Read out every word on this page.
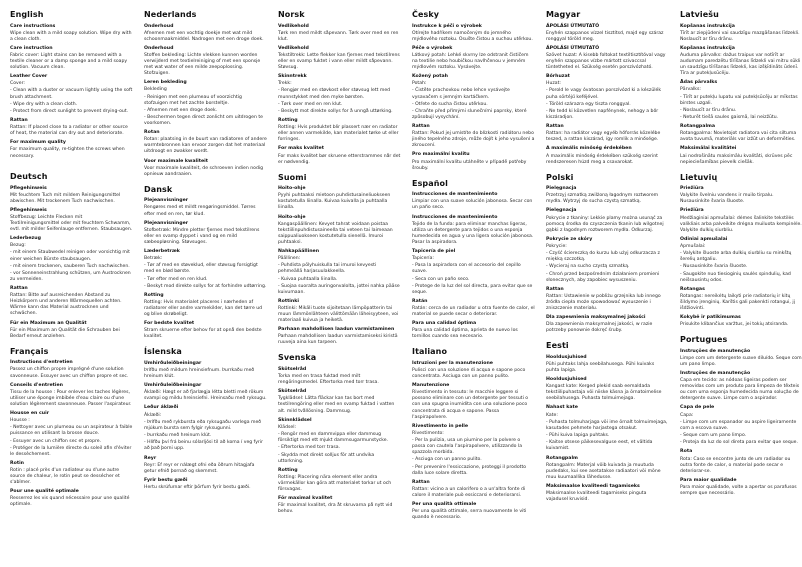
English
Care instructions

Wipe clean with a mild soapy solution. Wipe dry with a clean cloth.

Care instruction

Fabric cover: Light stains can be removed with a textile cleaner or a damp sponge and a mild soapy solution. Vacuum clean.

Leather Cover

Cover:

- Clean with a duster or vacuum lightly using the soft brush attachment.

- Wipe dry with a clean cloth.

- Protect from direct sunlight to prevent drying-out.

Rattan

Rattan: If placed close to a radiator or other source of heat, the material can dry out and deteriorate.

For maximum quality

For maximum quality, re-tighten the screws when necessary.

Deutsch
Pflegehinweis

Mit feuchtem Tuch mit mildem Reinigungsmittel abwischen. Mit trockenem Tuch nachwischen.

Pflegehinweis

Stoffbezug: Leichte Flecken mit Textilreinigungsmittel oder mit feuchtem Schwamm, evtl. mit milder Seifenlauge entfernen. Staubsaugen.

Lederbezug

Bezug:

- mit einem Staubwedel reinigen oder vorsichtig mit einer weichen Bürste staubsaugen.

- mit einem trockenen, sauberen Tuch nachwischen.

- vor Sonneneinstrahlung schützen, um Austrocknen zu vermeiden.

Rattan

Rattan: Bitte auf ausreichenden Abstand zu Heizkörpern und anderen Wärmequellen achten. Wärme kann das Material austrocknen und schwächen.

Für ein Maximum an Qualität

Für ein Maximum an Qualität die Schrauben bei Bedarf erneut anziehen.

Français
Instructions d'entretien

Passez un chiffon propre imprégné d'une solution savonneuse. Essuyer avec un chiffon propre et sec.

Conseils d'entretien

Tissu de la housse : Pour enlever les taches légères, utiliser une éponge imbibée d'eau claire ou d'une solution légèrement savonneuse. Passer l'aspirateur.

Housse en cuir

Housse :

- Nettoyer avec un plumeau ou un aspirateur à faible puissance en utilisant la brosse douce.

- Essuyer avec un chiffon sec et propre.

- Protéger de la lumière directe du soleil afin d'éviter le dessèchement.

Rotin

Rotin : placé près d'un radiateur ou d'une autre source de chaleur, le rotin peut se dessécher et s'abîmer.

Pour une qualité optimale

Resserrez les vis quand nécessaire pour une qualité optimale.

Nederlands
Onderhoud

Afnemen met een vochtig doekje met wat mild schoonmaakmiddel. Nadrogen met een droge doek.

Onderhoud

Stoffen bekleding: Lichte vlekken kunnen worden verwijderd met textielreiniging of met een sponsje met wat water of een milde zeepoplossing. Stofzuigen.

Leren bekleding

Bekleding

- Reinigen met een plumeau of voorzichtig stofzuigen met het zachte borsteltje.

- Afnemen met een droge doek.

- Beschermen tegen direct zonlicht om uitdrogen te voorkomen.

Rotan

Rotan: plaatsing in de buurt van radiatoren of andere warmtebronnen kan ervoor zorgen dat het materiaal uitdroogt en zwakker wordt.

Voor maximale kwaliteit

Voor maximale kwaliteit, de schroeven indien nodig opnieuw aandraaien.

Dansk
Plejeanvisninger

Rengøres med et mildt rengøringsmiddel. Tørres efter med en ren, tør klud.

Plejeanvisninger

Stofbetræk: Mindre pletter fjernes med tekstilrens eller en svamp dyppet i vand og en mild sæbeopløsning. Støvsuges.

Læderbetræk

Betræk:

- Tør af med en støveklud, eller støvsug forsigtigt med en blød børste.

- Tør efter med en ren klud.

- Beskyt mod direkte sollys for at forhindre udtørring.

Rotting

Rotting: Hvis materialet placeres i nærheden af radiatorer eller andre varmekilder, kan det tørre ud og blive skrøbeligt.

For bedste kvalitet

Stram skruerne efter behov for at opnå den bedste kvalitet.

Íslenska
Umhirðuleiðbeiningar

Þrífðu með mildum hreinsiefnum. Þurrkaðu með hreinum klút.

Umhirðuleiðbeiningar

Áklæði: Hægt er að fjarlægja létta bletti með rökum svampi og mildu hreinsiefni. Hreinsaðu með ryksugu.

Leður áklæði

Áklæði:

- Þrífðu með rykbursta eða ryksugaðu varlega með mjúkum bursta sem fylgir ryksugunni.

- Þurrkaðu með hreinum klút.

- Hlífðu því frá beinu sólarljósi til að koma í veg fyrir að það þorni upp.

Reyr

Reyr: Ef reyr er nálægt ofni eða öðrum hitagjafa getur efnið þornað og skemmst.

Fyrir bestu gæði

Hertu skrúfurnar eftir þörfum fyrir bestu gæði.

Norsk
Vedlikehold

Tørk ren med mildt såpevann. Tørk over med en ren klut.

Vedlikehold

Tekstiltrekk: Lette flekker kan fjernes med tekstilrens eller en svamp fuktet i vann eller mildt såpevann. Støvsug.

Skinntrekk

Trekk:

- Rengjør med en støvkost eller støvsug lett med munnstykket med den myke børsten.

- Tørk over med en ren klut.

- Beskytt mot direkte sollys for å unngå uttørking.

Rotting

Rotting: Hvis produktet blir plassert nær en radiator eller annen varmekilde, kan materialet tørke ut eller forringes.

For maks kvalitet

For maks kvalitet bør skruene etterstrammes når det er nødvendig.

Suomi
Hoito-ohje

Pyyhi puhtaaksi mietoon puhdistusaineliuokseen kostutetulla liinalla. Kuivaa kuivalla ja puhtaalla liinalla.

Hoito-ohje

Kangaspäällinen: Kevyet tahrat voidaan poistaa tekstiilinpuhdistusaineella tai veteen tai laimeaan saippualiuokseen kostutetulla sienellä. Imuroi puhtaaksi.

Nahkapäällinen

Päällinen:

- Puhdista pölyhuiskulla tai imuroi kevyesti pehmeällä harjasuulakkeella.

- Kuivaa puhtaalla liinalla.

- Suojaa suoralta auringonvalolta, jottei nahka pääse kuivumaan.

Rottinki

Rottinki: Mikäli tuote sijoitetaan lämpöpatterin tai muun lämmönlähteen välittömään läheisyyteen, voi materiaali kuivua ja heiketä.

Parhaan mahdollisen laadun varmistaminen

Parhaan mahdollisen laadun varmistamiseksi kiristä ruuveja aina kun tarpeen.

Svenska
Skötselråd

Torka med en trasa fuktad med milt rengöringsmedel. Eftertorka med torr trasa.

Skötselråd

Tygklädsel: Lätta fläckar kan tas bort med textilrengöring eller med en svamp fuktad i vatten alt. mild tvållösning. Dammsug.

Skinnklädsel

Klädsel:

- Rengör med en dammvippa eller dammsug försiktigt med ett mjukt dammsugarmunstycke.

- Eftertorka med torr trasa.

- Skydda mot direkt solljus för att undvika uttorkning.

Rotting

Rotting: Placering nära element eller andra värmekällor kan göra att materialet torkar ut och försvagas.

För maximal kvalitet

För maximal kvalitet, dra åt skruvarna på nytt vid behov.

Česky
Instrukce k péči o výrobek

Otírejte hadříkem namočeným do jemného mýdlového roztoku. Osušte čistou a suchou utěrkou.

Péče o výrobek

Látkový potah: Lehké skvrny lze odstranit čističem na textilie nebo houbičkou navlhčenou v jemném mýdlovém roztoku. Vysávejte.

Kožený potah

Potah:

- Čistěte prachovkou nebo lehce vysávejte vysavačem s jemným kartáčkem.

- Otřete do sucha čistou utěrkou.

- Chraňte před přímými slunečními paprsky, které způsobují vysychání.

Rattan

Rattan: Pokud jej umístíte do blízkosti radiátoru nebo jiného tepelného zdroje, může dojít k jeho vysušení a zkroucení.

Pro maximální kvalitu

Pro maximální kvalitu utáhněte v případě potřeby šrouby.

Español
Instrucciones de mantenimiento

Limpiar con una suave solución jabonosa. Secar con un paño seco.

Instrucciones de mantenimiento

Tejido de la funda: para eliminar manchas ligeras, utiliza un detergente para tejidos o una esponja humedecida en agua y una ligera solución jabonosa. Pasar la aspiradora.

Tapicería de piel

Tapicería:

- Pasa la aspiradora con el accesorio del cepillo suave.

- Seca con un paño seco.

- Protege de la luz del sol directa, para evitar que se seque.

Ratán

Ratán: cerca de un radiador u otra fuente de calor, el material se puede secar o deteriorar.

Para una calidad óptima

Para una calidad óptima, aprieta de nuevo los tornillos cuando sea necesario.

Italiano
Istruzioni per la manutenzione

Pulisci con una soluzione di acqua e sapone poco concentrata. Asciuga con un panno pulito.

Manutenzione

Rivestimento in tessuto: le macchie leggere si possono eliminare con un detergente per tessuti o con una spugna inumidita con una soluzione poco concentrata di acqua e sapone. Passa l'aspirapolvere.

Rivestimento in pelle

Rivestimento:

- Per la pulizia, usa un piumino per la polvere o passa con cautela l'aspirapolvere, utilizzando la spazzola morbida.

- Asciuga con un panno pulito.

- Per prevenire l'essiccazione, proteggi il prodotto dalla luce solare diretta.

Rattan

Rattan: vicino a un calorifero o a un'altra fonte di calore il materiale può essiccarsi e deteriorarsi.

Per una qualità ottimale

Per una qualità ottimale, serra nuovamente le viti quando è necessario.

Magyar
ÁPOLÁSI ÚTMUTATÓ

Enyhén szappanos vízzel tisztítsd, majd egy száraz ronggyal töröld meg.

ÁPOLÁSI ÚTMUTATÓ

Szövet huzat: A kisebb foltokat textiltisztítóval vagy enyhén szappanos vízbe mártott szivaccsal tüntetheted el. Szükség esetén porszívózható.

Bőrhuzat

Huzat:

- Porold le vagy óvatosan porszívózd ki a készülék puha sörtéjű keféjével.

- Töröld szárazra egy tiszta ronggyal.

- Ne tedd ki közvetlen napfénynek, nehogy a bőr kiszáradjon.

Rattan

Rattan: ha radiátor vagy egyéb hőforrás közelébe teszed, a rattan kiszárad, így romlik a minősége.

A maximális minőség érdekében

A maximális minőség érdekében szükség szerint rendszeresen húzd meg a csavarokat.

Polski
Pielęgnacja

Przetrzyj szmatką zwilżoną łagodnym roztworem mydła. Wytrzyj do sucha czystą szmatką.

Pielęgnacja

Pokrycie z tkaniny: Lekkie plamy można usunąć za pomocą środka do czyszczenia tkanin lub wilgotnej gąbki z łagodnym roztworem mydła. Odkurzaj.

Pokrycie ze skóry

Pokrycie:

- Czyść ściereczką do kurzu lub użyj odkurzacza z miękką szczotką.

- Wycieraj na sucho czystą szmatką.

- Chroń przed bezpośrednim działaniem promieni słonecznych, aby zapobiec wysuszeniu.

Rattan

Rattan: Ustawienie w pobliżu grzejnika lub innego źródła ciepła może spowodować wysuszenie i zniszczenie materiału.

Dla zapewnienia maksymalnej jakości

Dla zapewnienia maksymalnej jakości, w razie potrzeby ponownie dokręć śruby.

Eesti
Hooldusjuhised

Pühi puhtaks lahja seebilahusega. Pühi kuivaks puhta lapiga.

Hooldusjuhised

Kangast kate: Kerged plekid saab eemaldada tekstiilipuhastaja või niiske käsna ja õrnatoimelise seebilahusega. Puhasta tolmuimejaga.

Nahast kate

Kate:

- Puhasta tolmuharjaga või ime õrnalt tolmuimejaga, kasutades pehmete harjastega otsakut.

- Pühi kuiva lapiga puhtaks.

- Kaitse otsese päikesevalguse eest, et vältida kuivamist.

Rotangpalm

Rotangpalm: Materjal võib kuivada ja muutuda pudedaks, kui see asetatakse radiaatori või mõne muu kuumaallika lähedusse.

Maksimaalse kvaliteedi tagamiseks

Maksimaalse kvaliteedi tagamiseks pinguta vajadusel kruvisid.

Latviešu
Kopšanas instrukcija

Tīrīt ar ziepjūdeni vai saudzīgu mazgāšanas līdzekli. Noslaucīt ar tīru drānu.

Kopšanas instrukcija

Auduma pārvalks: dažus traipus var notīrīt ar audumam paredzētu tīrīšanas līdzekli vai mitru sūkli un saudzīgu tīrīšanas līdzekli, kas izšķīdināts ūdenī. Tīra ar putekļusūcēju.

Ādas pārvalks

Pārvalks:

- Tīrīt ar putekļu lupatu vai putekļsūcēju ar mīkstas birstes uzgali.

- Noslaucīt ar tīru drānu.

- Neturēt tiešā saules gaismā, lai neizžūtu.

Rotangpalma

Rotangpalma: Novietojot radiatora vai cita siltuma avota tuvumā, materiāls var izžūt un deformēties.

Maksimālai kvalitātei

Lai nodrošinātu maksimālu kvalitāti, skrūves pēc nepieciešamības pievelk ciešāk.

Lietuvių
Priežiūra

Valykite švelniu vandens ir muilo tirpalu. Nusausinkite švaria šluoste.

Priežiūra

Medžiaginiai apmušalai: dėmes šalinkite tekstilės valikliais arba palveikite drėgna muiluota kempinėle. Valykite dulkių siurbliu.

Odiniai apmušalai

Apmušalai:

- Valykite šluoste arba dulkių siurbliu su minkštų šerelių antgaliu.

- Nusausinkite švaria šluoste.

- Saugokite nuo tiesioginių saulės spindulių, kad neišsausintų odos.

Rotangas

Rotangas: nereikėtų laikyti prie radiatorių ir kitų šildymo įrenginių. Karštis gali pakenkti rotangui, jį išdžiovinti.

Kokybė ir patikimumas

Prisukite klibančius varžtus, jei tokių atsiranda.

Portugues
Instruções de manutenção

Limpe com um detergente suave diluído. Seque com um pano limpo.

Instruções de manutenção

Capa em tecido: as nódoas ligeiras podem ser removidas com um produto para limpeza de têxteis ou com uma esponja humedecida numa solução de detergente suave. Limpe com o aspirador.

Capa de pele

Capa:

- Limpe com um espanador ou aspire ligeiramente com a escova suave.

- Seque com um pano limpo.

- Proteja da luz do sol direta para evitar que seque.

Rota

Rota: Caso se encontre junto de um radiador ou outra fonte de calor, o material pode secar e deteriorar-se.

Para maior qualidade

Para maior qualidade, volte a apertar os parafusos sempre que necessário.
